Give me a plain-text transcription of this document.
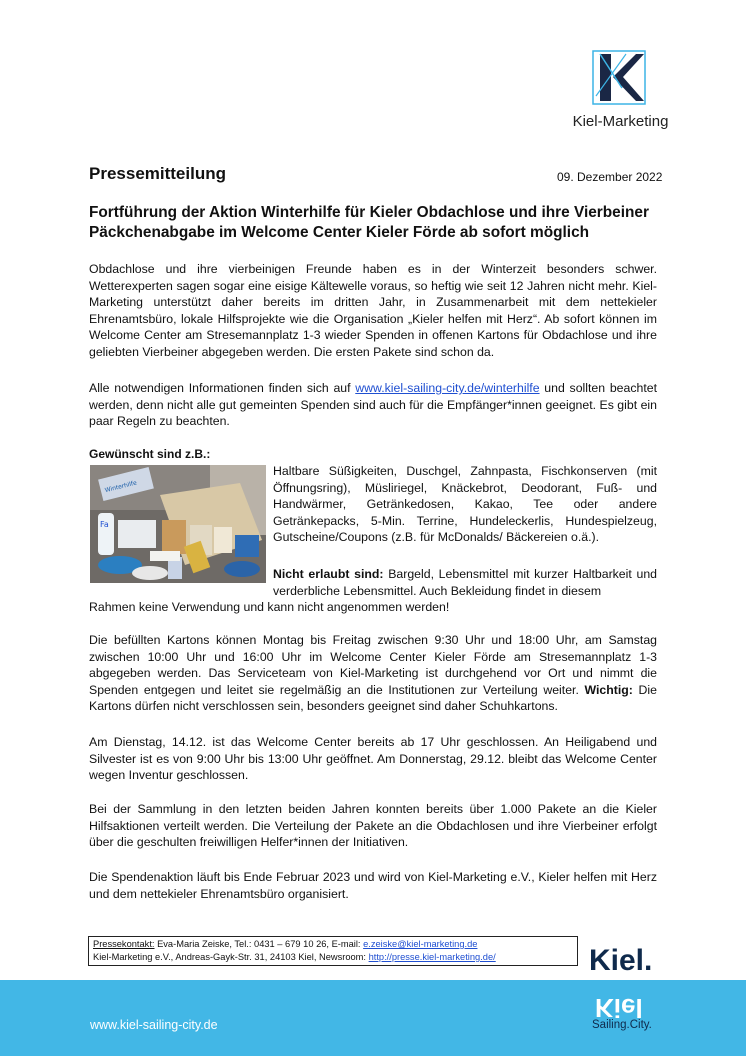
Kiel-Marketing
Pressemitteilung	09. Dezember 2022
Fortführung der Aktion Winterhilfe für Kieler Obdachlose und ihre Vierbeiner
Päckchenabgabe im Welcome Center Kieler Förde ab sofort möglich

Obdachlose und ihre vierbeinigen Freunde haben es in der Winterzeit besonders schwer. Wetterexperten sagen sogar eine eisige Kältewelle voraus, so heftig wie seit 12 Jahren nicht mehr. Kiel-Marketing unterstützt daher bereits im dritten Jahr, in Zusammenarbeit mit dem nettekieler Ehrenamtsbüro, lokale Hilfsprojekte wie die Organisation „Kieler helfen mit Herz“. Ab sofort können im Welcome Center am Stresemannplatz 1-3 wieder Spenden in offenen Kartons für Obdachlose und ihre geliebten Vierbeiner abgegeben werden. Die ersten Pakete sind schon da.

Alle notwendigen Informationen finden sich auf www.kiel-sailing-city.de/winterhilfe und sollten beachtet werden, denn nicht alle gut gemeinten Spenden sind auch für die Empfänger*innen geeignet. Es gibt ein paar Regeln zu beachten.

Gewünscht sind z.B.:
Winterhilfe
Fa

Haltbare Süßigkeiten, Duschgel, Zahnpasta, Fischkonserven (mit Öffnungsring), Müsliriegel, Knäckebrot, Deodorant, Fuß- und Handwärmer, Getränkedosen, Kakao, Tee oder andere Getränkepacks, 5-Min. Terrine, Hundeleckerlis, Hundespielzeug, Gutscheine/Coupons (z.B. für McDonalds/ Bäckereien o.ä.).

Nicht erlaubt sind: Bargeld, Lebensmittel mit kurzer Haltbarkeit und verderbliche Lebensmittel. Auch Bekleidung findet in diesem

Rahmen keine Verwendung und kann nicht angenommen werden!

Die befüllten Kartons können Montag bis Freitag zwischen 9:30 Uhr und 18:00 Uhr, am Samstag zwischen 10:00 Uhr und 16:00 Uhr im Welcome Center Kieler Förde am Stresemannplatz 1-3 abgegeben werden. Das Serviceteam von Kiel-Marketing ist durchgehend vor Ort und nimmt die Spenden entgegen und leitet sie regelmäßig an die Institutionen zur Verteilung weiter. Wichtig: Die Kartons dürfen nicht verschlossen sein, besonders geeignet sind daher Schuhkartons.

Am Dienstag, 14.12. ist das Welcome Center bereits ab 17 Uhr geschlossen. An Heiligabend und Silvester ist es von 9:00 Uhr bis 13:00 Uhr geöffnet. Am Donnerstag, 29.12. bleibt das Welcome Center wegen Inventur geschlossen.

Bei der Sammlung in den letzten beiden Jahren konnten bereits über 1.000 Pakete an die Kieler Hilfsaktionen verteilt werden. Die Verteilung der Pakete an die Obdachlosen und ihre Vierbeiner erfolgt über die geschulten freiwilligen Helfer*innen der Initiativen.

Die Spendenaktion läuft bis Ende Februar 2023 und wird von Kiel-Marketing e.V., Kieler helfen mit Herz und dem nettekieler Ehrenamtsbüro organisiert.

Pressekontakt: Eva-Maria Zeiske, Tel.: 0431 – 679 10 26, E-mail: e.zeiske@kiel-marketing.de
Kiel-Marketing e.V., Andreas-Gayk-Str. 31, 24103 Kiel, Newsroom: http://presse.kiel-marketing.de/
www.kiel-sailing-city.de
Kiel.
Kiel
Sailing.City.
